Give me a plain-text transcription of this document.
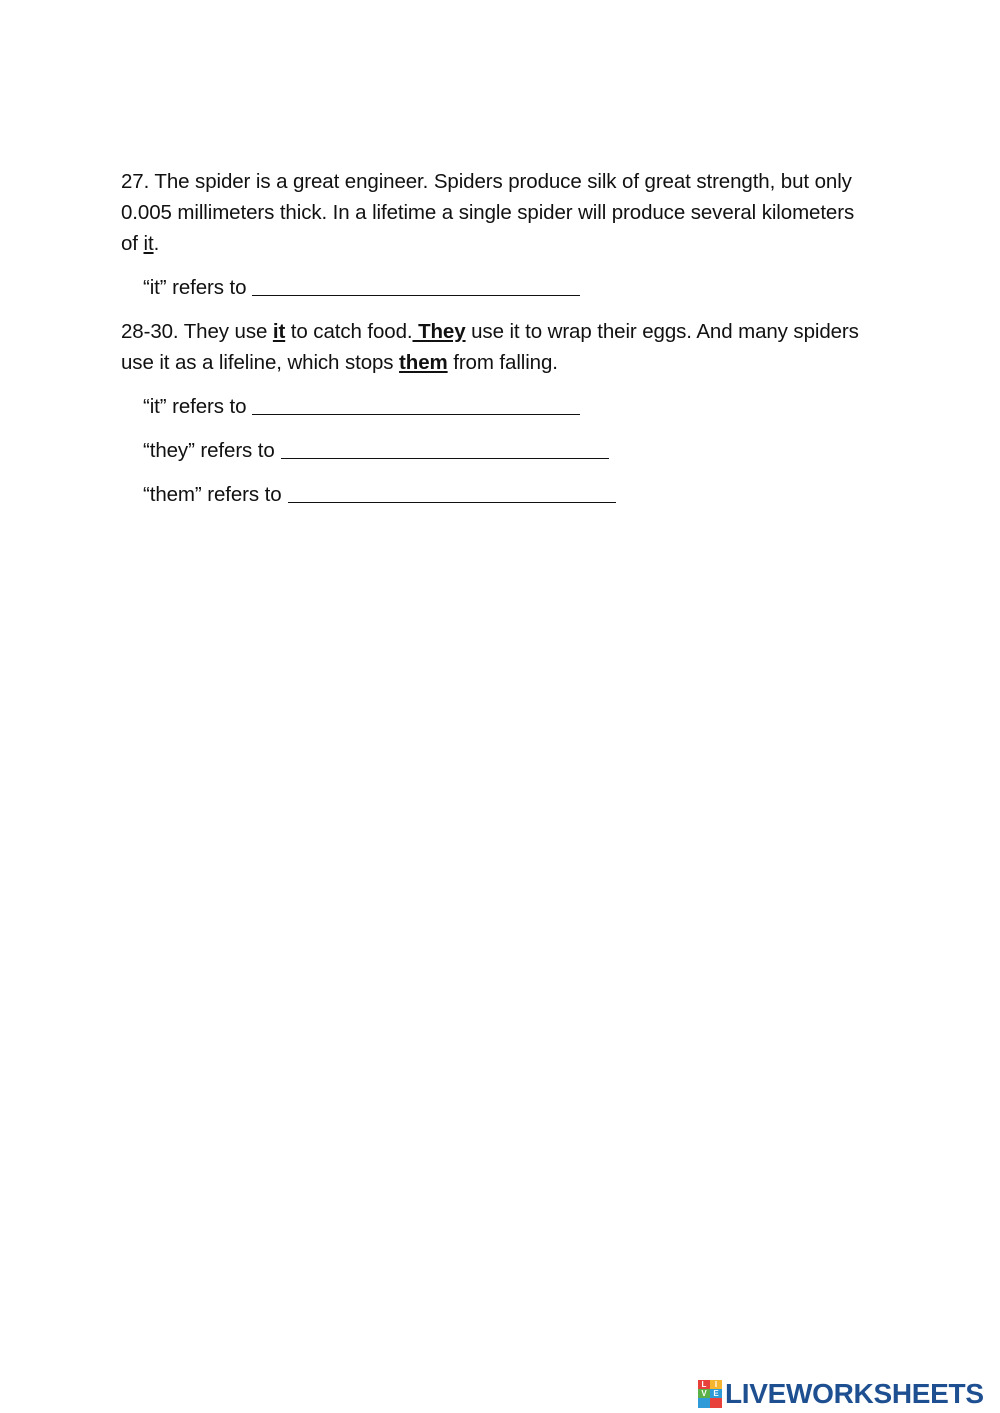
27. The spider is a great engineer. Spiders produce silk of great strength, but only 0.005 millimeters thick. In a lifetime a single spider will produce several kilometers of it.

“it” refers to

28-30. They use it to catch food. They use it to wrap their eggs. And many spiders use it as a lifeline, which stops them from falling.

“it” refers to
“they” refers to
“them” refers to
L	I
V E LIVEWORKSHEETS
